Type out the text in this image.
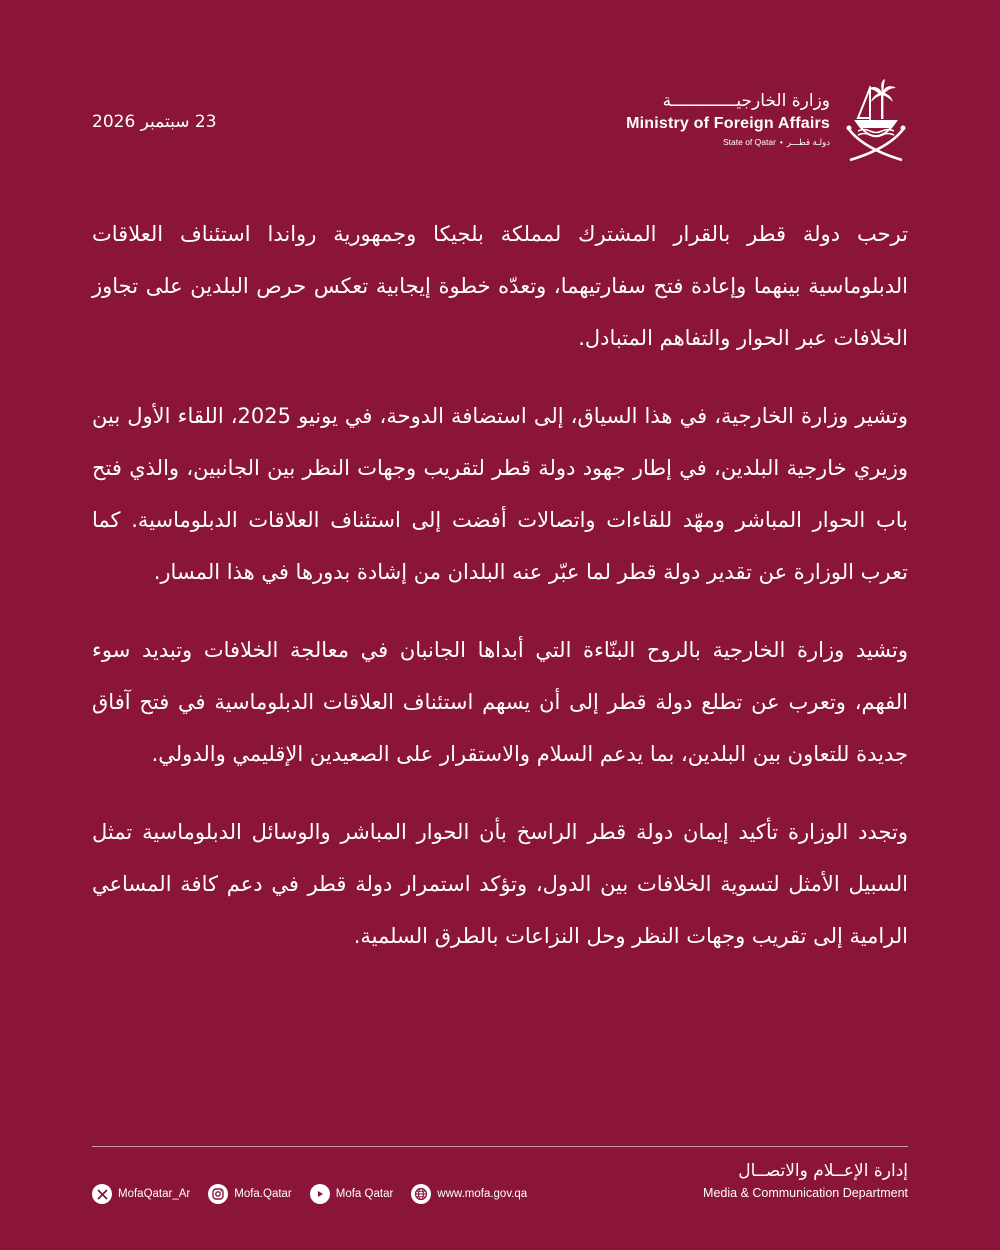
23 سبتمبر 2026
وزارة الخارجيـــــــــــــة
Ministry of Foreign Affairs
State of Qatar • دولـة قطـــر

ترحب دولة قطر بالقرار المشترك لمملكة بلجيكا وجمهورية رواندا استئناف العلاقات الدبلوماسية بينهما وإعادة فتح سفارتيهما، وتعدّه خطوة إيجابية تعكس حرص البلدين على تجاوز الخلافات عبر الحوار والتفاهم المتبادل.

وتشير وزارة الخارجية، في هذا السياق، إلى استضافة الدوحة، في يونيو 2025، اللقاء الأول بين وزيري خارجية البلدين، في إطار جهود دولة قطر لتقريب وجهات النظر بين الجانبين، والذي فتح باب الحوار المباشر ومهّد للقاءات واتصالات أفضت إلى استئناف العلاقات الدبلوماسية. كما تعرب الوزارة عن تقدير دولة قطر لما عبّر عنه البلدان من إشادة بدورها في هذا المسار.

وتشيد وزارة الخارجية بالروح البنّاءة التي أبداها الجانبان في معالجة الخلافات وتبديد سوء الفهم، وتعرب عن تطلع دولة قطر إلى أن يسهم استئناف العلاقات الدبلوماسية في فتح آفاق جديدة للتعاون بين البلدين، بما يدعم السلام والاستقرار على الصعيدين الإقليمي والدولي.

وتجدد الوزارة تأكيد إيمان دولة قطر الراسخ بأن الحوار المباشر والوسائل الدبلوماسية تمثل السبيل الأمثل لتسوية الخلافات بين الدول، وتؤكد استمرار دولة قطر في دعم كافة المساعي الرامية إلى تقريب وجهات النظر وحل النزاعات بالطرق السلمية.

إدارة الإعــلام والاتصــال
Media & Communication Department
MofaQatar_Ar	Mofa.Qatar	Mofa Qatar	www.mofa.gov.qa
